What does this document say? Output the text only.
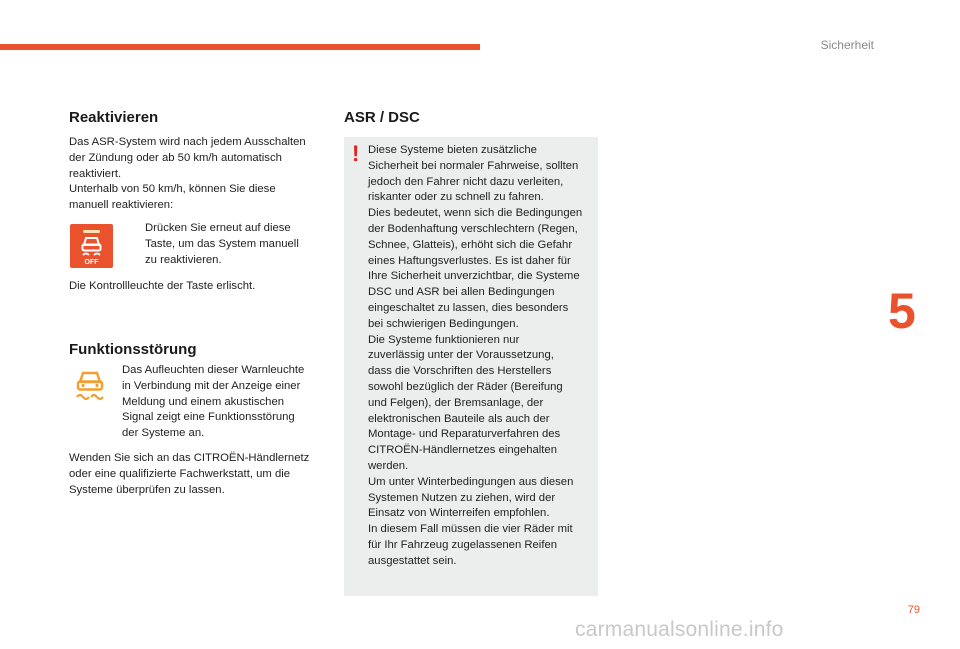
Sicherheit
Reaktivieren
Das ASR-System wird nach jedem Ausschalten
der Zündung oder ab 50 km/h automatisch
reaktiviert.
Unterhalb von 50 km/h, können Sie diese
manuell reaktivieren:
OFF
Drücken Sie erneut auf diese
Taste, um das System manuell
zu reaktivieren.
Die Kontrollleuchte der Taste erlischt.
Funktionsstörung
Das Aufleuchten dieser Warnleuchte
in Verbindung mit der Anzeige einer
Meldung und einem akustischen
Signal zeigt eine Funktionsstörung
der Systeme an.
Wenden Sie sich an das CITROËN-Händlernetz
oder eine qualifizierte Fachwerkstatt, um die
Systeme überprüfen zu lassen.
ASR / DSC
! Diese Systeme bieten zusätzliche
Sicherheit bei normaler Fahrweise, sollten
jedoch den Fahrer nicht dazu verleiten,
riskanter oder zu schnell zu fahren.
Dies bedeutet, wenn sich die Bedingungen
der Bodenhaftung verschlechtern (Regen,
Schnee, Glatteis), erhöht sich die Gefahr
eines Haftungsverlustes. Es ist daher für
Ihre Sicherheit unverzichtbar, die Systeme
DSC und ASR bei allen Bedingungen
eingeschaltet zu lassen, dies besonders
bei schwierigen Bedingungen.
Die Systeme funktionieren nur
zuverlässig unter der Voraussetzung,
dass die Vorschriften des Herstellers
sowohl bezüglich der Räder (Bereifung
und Felgen), der Bremsanlage, der
elektronischen Bauteile als auch der
Montage- und Reparaturverfahren des
CITROËN-Händlernetzes eingehalten
werden.
Um unter Winterbedingungen aus diesen
Systemen Nutzen zu ziehen, wird der
Einsatz von Winterreifen empfohlen.
In diesem Fall müssen die vier Räder mit
für Ihr Fahrzeug zugelassenen Reifen
ausgestattet sein.
5
79
carmanualsonline.info
